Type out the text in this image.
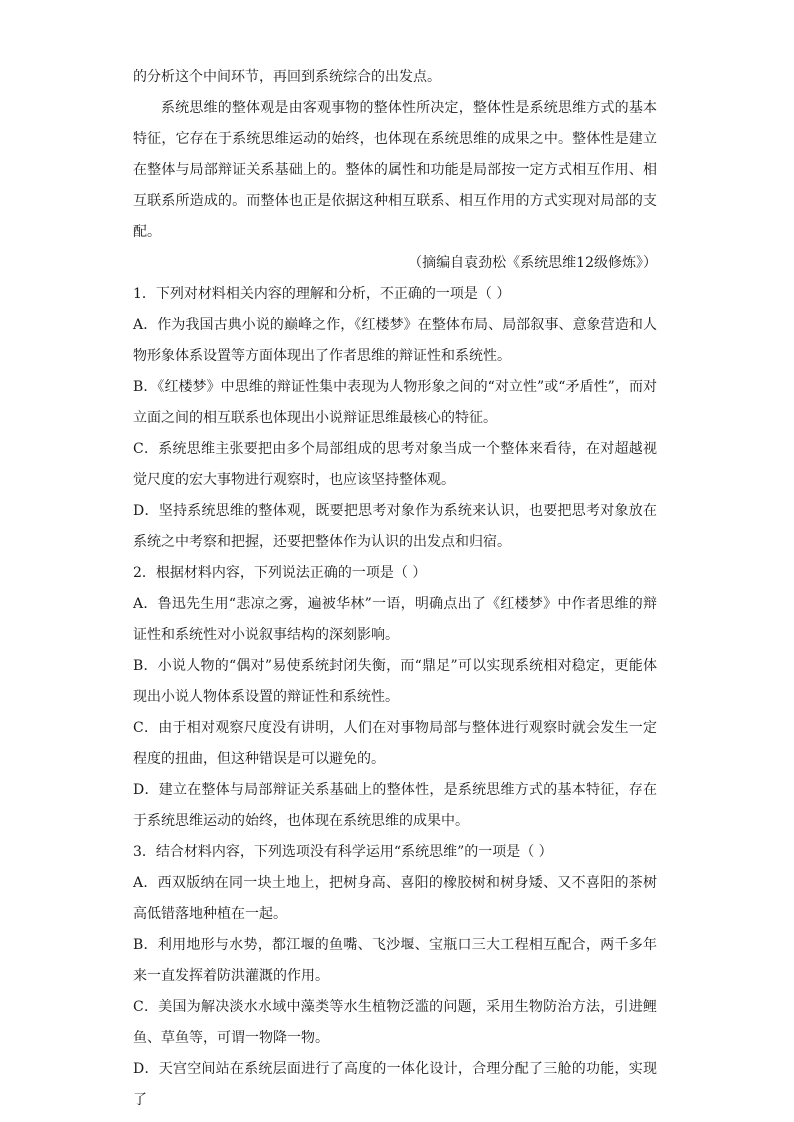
的分析这个中间环节，再回到系统综合的出发点。

系统思维的整体观是由客观事物的整体性所决定，整体性是系统思维方式的基本特征，它存在于系统思维运动的始终，也体现在系统思维的成果之中。整体性是建立在整体与局部辩证关系基础上的。整体的属性和功能是局部按一定方式相互作用、相互联系所造成的。而整体也正是依据这种相互联系、相互作用的方式实现对局部的支配。

（摘编自袁劲松《系统思维12级修炼》）

1．下列对材料相关内容的理解和分析，不正确的一项是（ ）

A．作为我国古典小说的巅峰之作，《红楼梦》在整体布局、局部叙事、意象营造和人物形象体系设置等方面体现出了作者思维的辩证性和系统性。

B．《红楼梦》中思维的辩证性集中表现为人物形象之间的“对立性”或“矛盾性”，而对立面之间的相互联系也体现出小说辩证思维最核心的特征。

C．系统思维主张要把由多个局部组成的思考对象当成一个整体来看待，在对超越视觉尺度的宏大事物进行观察时，也应该坚持整体观。

D．坚持系统思维的整体观，既要把思考对象作为系统来认识，也要把思考对象放在系统之中考察和把握，还要把整体作为认识的出发点和归宿。

2．根据材料内容，下列说法正确的一项是（ ）

A．鲁迅先生用“悲凉之雾，遍被华林”一语，明确点出了《红楼梦》中作者思维的辩证性和系统性对小说叙事结构的深刻影响。

B．小说人物的“偶对”易使系统封闭失衡，而“鼎足”可以实现系统相对稳定，更能体现出小说人物体系设置的辩证性和系统性。

C．由于相对观察尺度没有讲明，人们在对事物局部与整体进行观察时就会发生一定程度的扭曲，但这种错误是可以避免的。

D．建立在整体与局部辩证关系基础上的整体性，是系统思维方式的基本特征，存在于系统思维运动的始终，也体现在系统思维的成果中。

3．结合材料内容，下列选项没有科学运用“系统思维”的一项是（ ）

A．西双版纳在同一块土地上，把树身高、喜阳的橡胶树和树身矮、又不喜阳的茶树高低错落地种植在一起。

B．利用地形与水势，都江堰的鱼嘴、飞沙堰、宝瓶口三大工程相互配合，两千多年来一直发挥着防洪灌溉的作用。

C．美国为解决淡水水域中藻类等水生植物泛滥的问题，采用生物防治方法，引进鲤鱼、草鱼等，可谓一物降一物。

D．天宫空间站在系统层面进行了高度的一体化设计，合理分配了三舱的功能，实现了
